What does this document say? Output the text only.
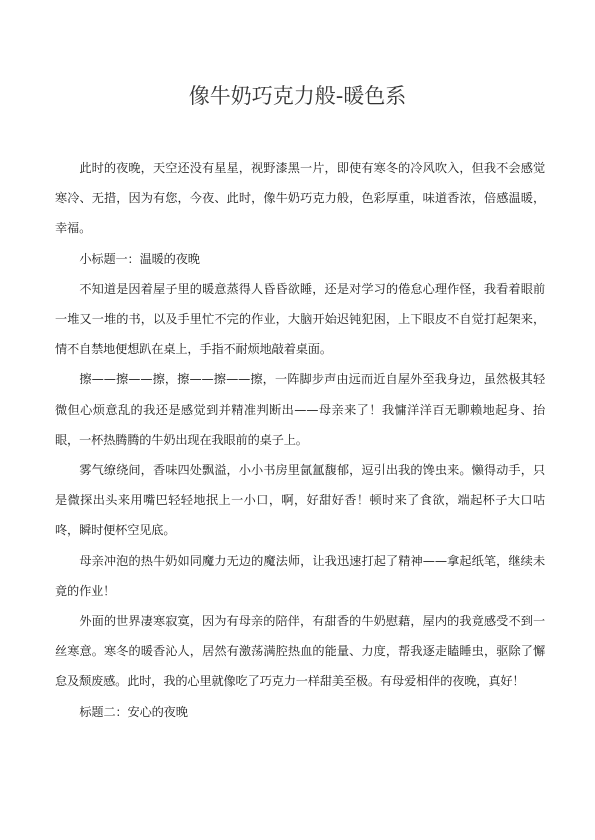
像牛奶巧克力般-暖色系

此时的夜晚，天空还没有星星，视野漆黑一片，即使有寒冬的冷风吹入，但我不会感觉寒冷、无措，因为有您，今夜、此时，像牛奶巧克力般，色彩厚重，味道香浓，倍感温暖，幸福。

小标题一：温暖的夜晚

不知道是因着屋子里的暖意蒸得人昏昏欲睡，还是对学习的倦怠心理作怪，我看着眼前一堆又一堆的书，以及手里忙不完的作业，大脑开始迟钝犯困，上下眼皮不自觉打起架来，情不自禁地便想趴在桌上，手指不耐烦地敲着桌面。

擦——擦——擦，擦——擦——擦，一阵脚步声由远而近自屋外至我身边，虽然极其轻微但心烦意乱的我还是感觉到并精准判断出——母亲来了！我慵洋洋百无聊赖地起身、抬眼，一杯热腾腾的牛奶出现在我眼前的桌子上。

雾气缭绕间，香味四处飘溢，小小书房里氤氲馥郁，逗引出我的馋虫来。懒得动手，只是微探出头来用嘴巴轻轻地抿上一小口，啊，好甜好香！顿时来了食欲，端起杯子大口咕咚，瞬时便杯空见底。

母亲冲泡的热牛奶如同魔力无边的魔法师，让我迅速打起了精神——拿起纸笔，继续未竟的作业！

外面的世界凄寒寂寞，因为有母亲的陪伴，有甜香的牛奶慰藉，屋内的我竟感受不到一丝寒意。寒冬的暖香沁人，居然有激荡满腔热血的能量、力度，帮我逐走瞌睡虫，驱除了懈怠及颓废感。此时，我的心里就像吃了巧克力一样甜美至极。有母爱相伴的夜晚，真好！

标题二：安心的夜晚
